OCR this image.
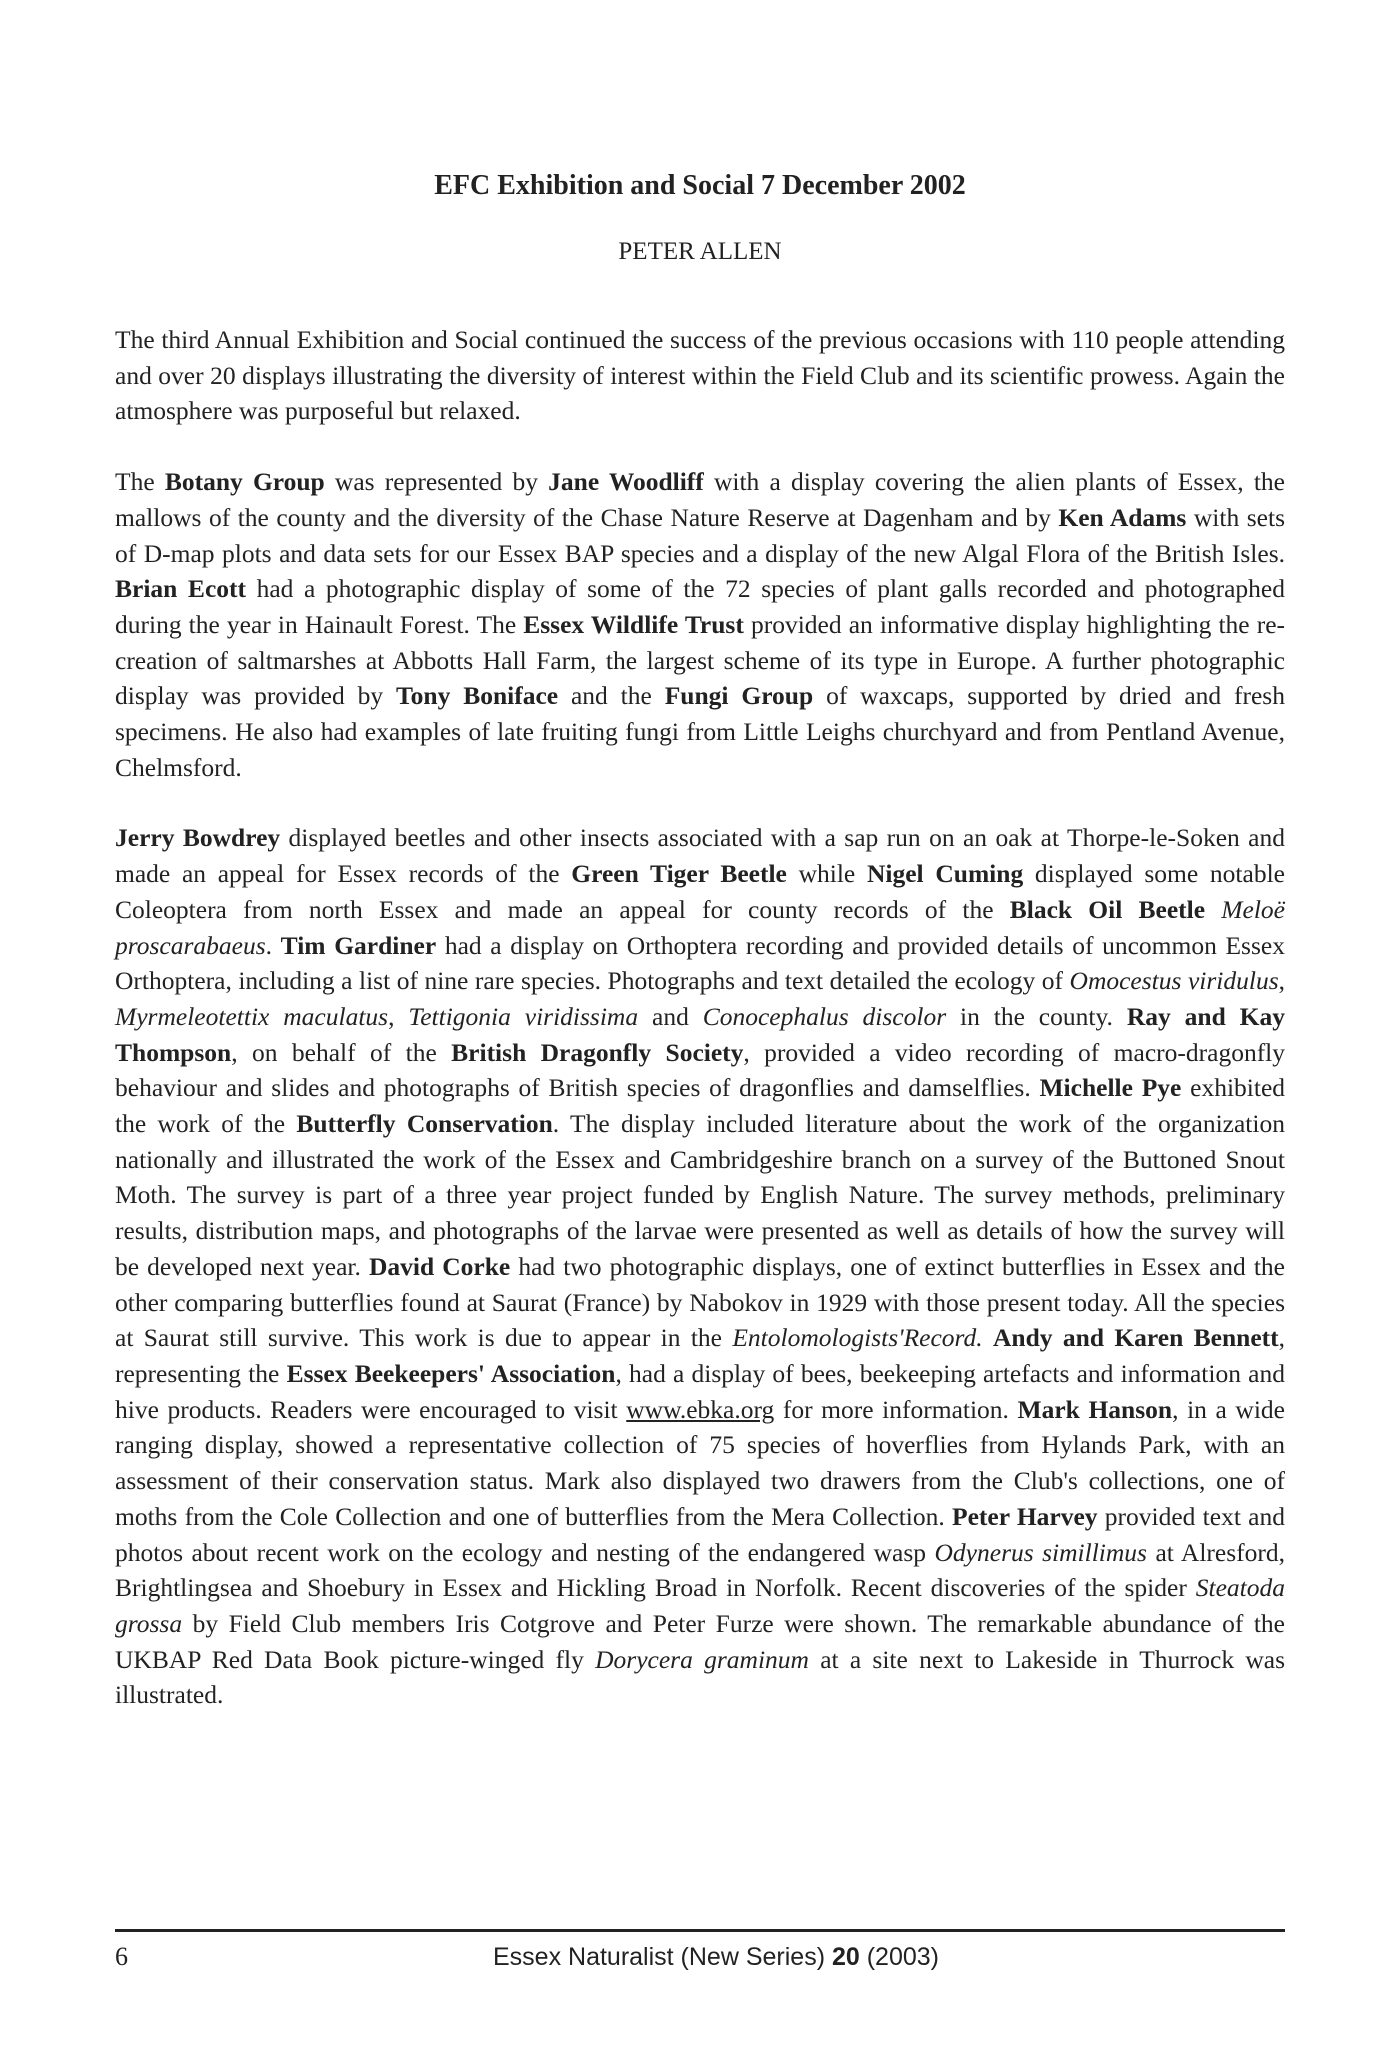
EFC Exhibition and Social 7 December 2002
PETER ALLEN

The third Annual Exhibition and Social continued the success of the previous occasions with 110 people attending and over 20 displays illustrating the diversity of interest within the Field Club and its scientific prowess. Again the atmosphere was purposeful but relaxed.

The Botany Group was represented by Jane Woodliff with a display covering the alien plants of Essex, the mallows of the county and the diversity of the Chase Nature Reserve at Dagenham and by Ken Adams with sets of D-map plots and data sets for our Essex BAP species and a display of the new Algal Flora of the British Isles. Brian Ecott had a photographic display of some of the 72 species of plant galls recorded and photographed during the year in Hainault Forest. The Essex Wildlife Trust provided an informative display highlighting the re-creation of saltmarshes at Abbotts Hall Farm, the largest scheme of its type in Europe. A further photographic display was provided by Tony Boniface and the Fungi Group of waxcaps, supported by dried and fresh specimens. He also had examples of late fruiting fungi from Little Leighs churchyard and from Pentland Avenue, Chelmsford.

Jerry Bowdrey displayed beetles and other insects associated with a sap run on an oak at Thorpe-le-Soken and made an appeal for Essex records of the Green Tiger Beetle while Nigel Cuming displayed some notable Coleoptera from north Essex and made an appeal for county records of the Black Oil Beetle Meloë proscarabaeus. Tim Gardiner had a display on Orthoptera recording and provided details of uncommon Essex Orthoptera, including a list of nine rare species. Photographs and text detailed the ecology of Omocestus viridulus, Myrmeleotettix maculatus, Tettigonia viridissima and Conocephalus discolor in the county. Ray and Kay Thompson, on behalf of the British Dragonfly Society, provided a video recording of macro-dragonfly behaviour and slides and photographs of British species of dragonflies and damselflies. Michelle Pye exhibited the work of the Butterfly Conservation. The display included literature about the work of the organization nationally and illustrated the work of the Essex and Cambridgeshire branch on a survey of the Buttoned Snout Moth. The survey is part of a three year project funded by English Nature. The survey methods, preliminary results, distribution maps, and photographs of the larvae were presented as well as details of how the survey will be developed next year. David Corke had two photographic displays, one of extinct butterflies in Essex and the other comparing butterflies found at Saurat (France) by Nabokov in 1929 with those present today. All the species at Saurat still survive. This work is due to appear in the Entolomologists'Record. Andy and Karen Bennett, representing the Essex Beekeepers' Association, had a display of bees, beekeeping artefacts and information and hive products. Readers were encouraged to visit www.ebka.org for more information. Mark Hanson, in a wide ranging display, showed a representative collection of 75 species of hoverflies from Hylands Park, with an assessment of their conservation status. Mark also displayed two drawers from the Club's collections, one of moths from the Cole Collection and one of butterflies from the Mera Collection. Peter Harvey provided text and photos about recent work on the ecology and nesting of the endangered wasp Odynerus simillimus at Alresford, Brightlingsea and Shoebury in Essex and Hickling Broad in Norfolk. Recent discoveries of the spider Steatoda grossa by Field Club members Iris Cotgrove and Peter Furze were shown. The remarkable abundance of the UKBAP Red Data Book picture-winged fly Dorycera graminum at a site next to Lakeside in Thurrock was illustrated.

6	Essex Naturalist (New Series) 20 (2003)
